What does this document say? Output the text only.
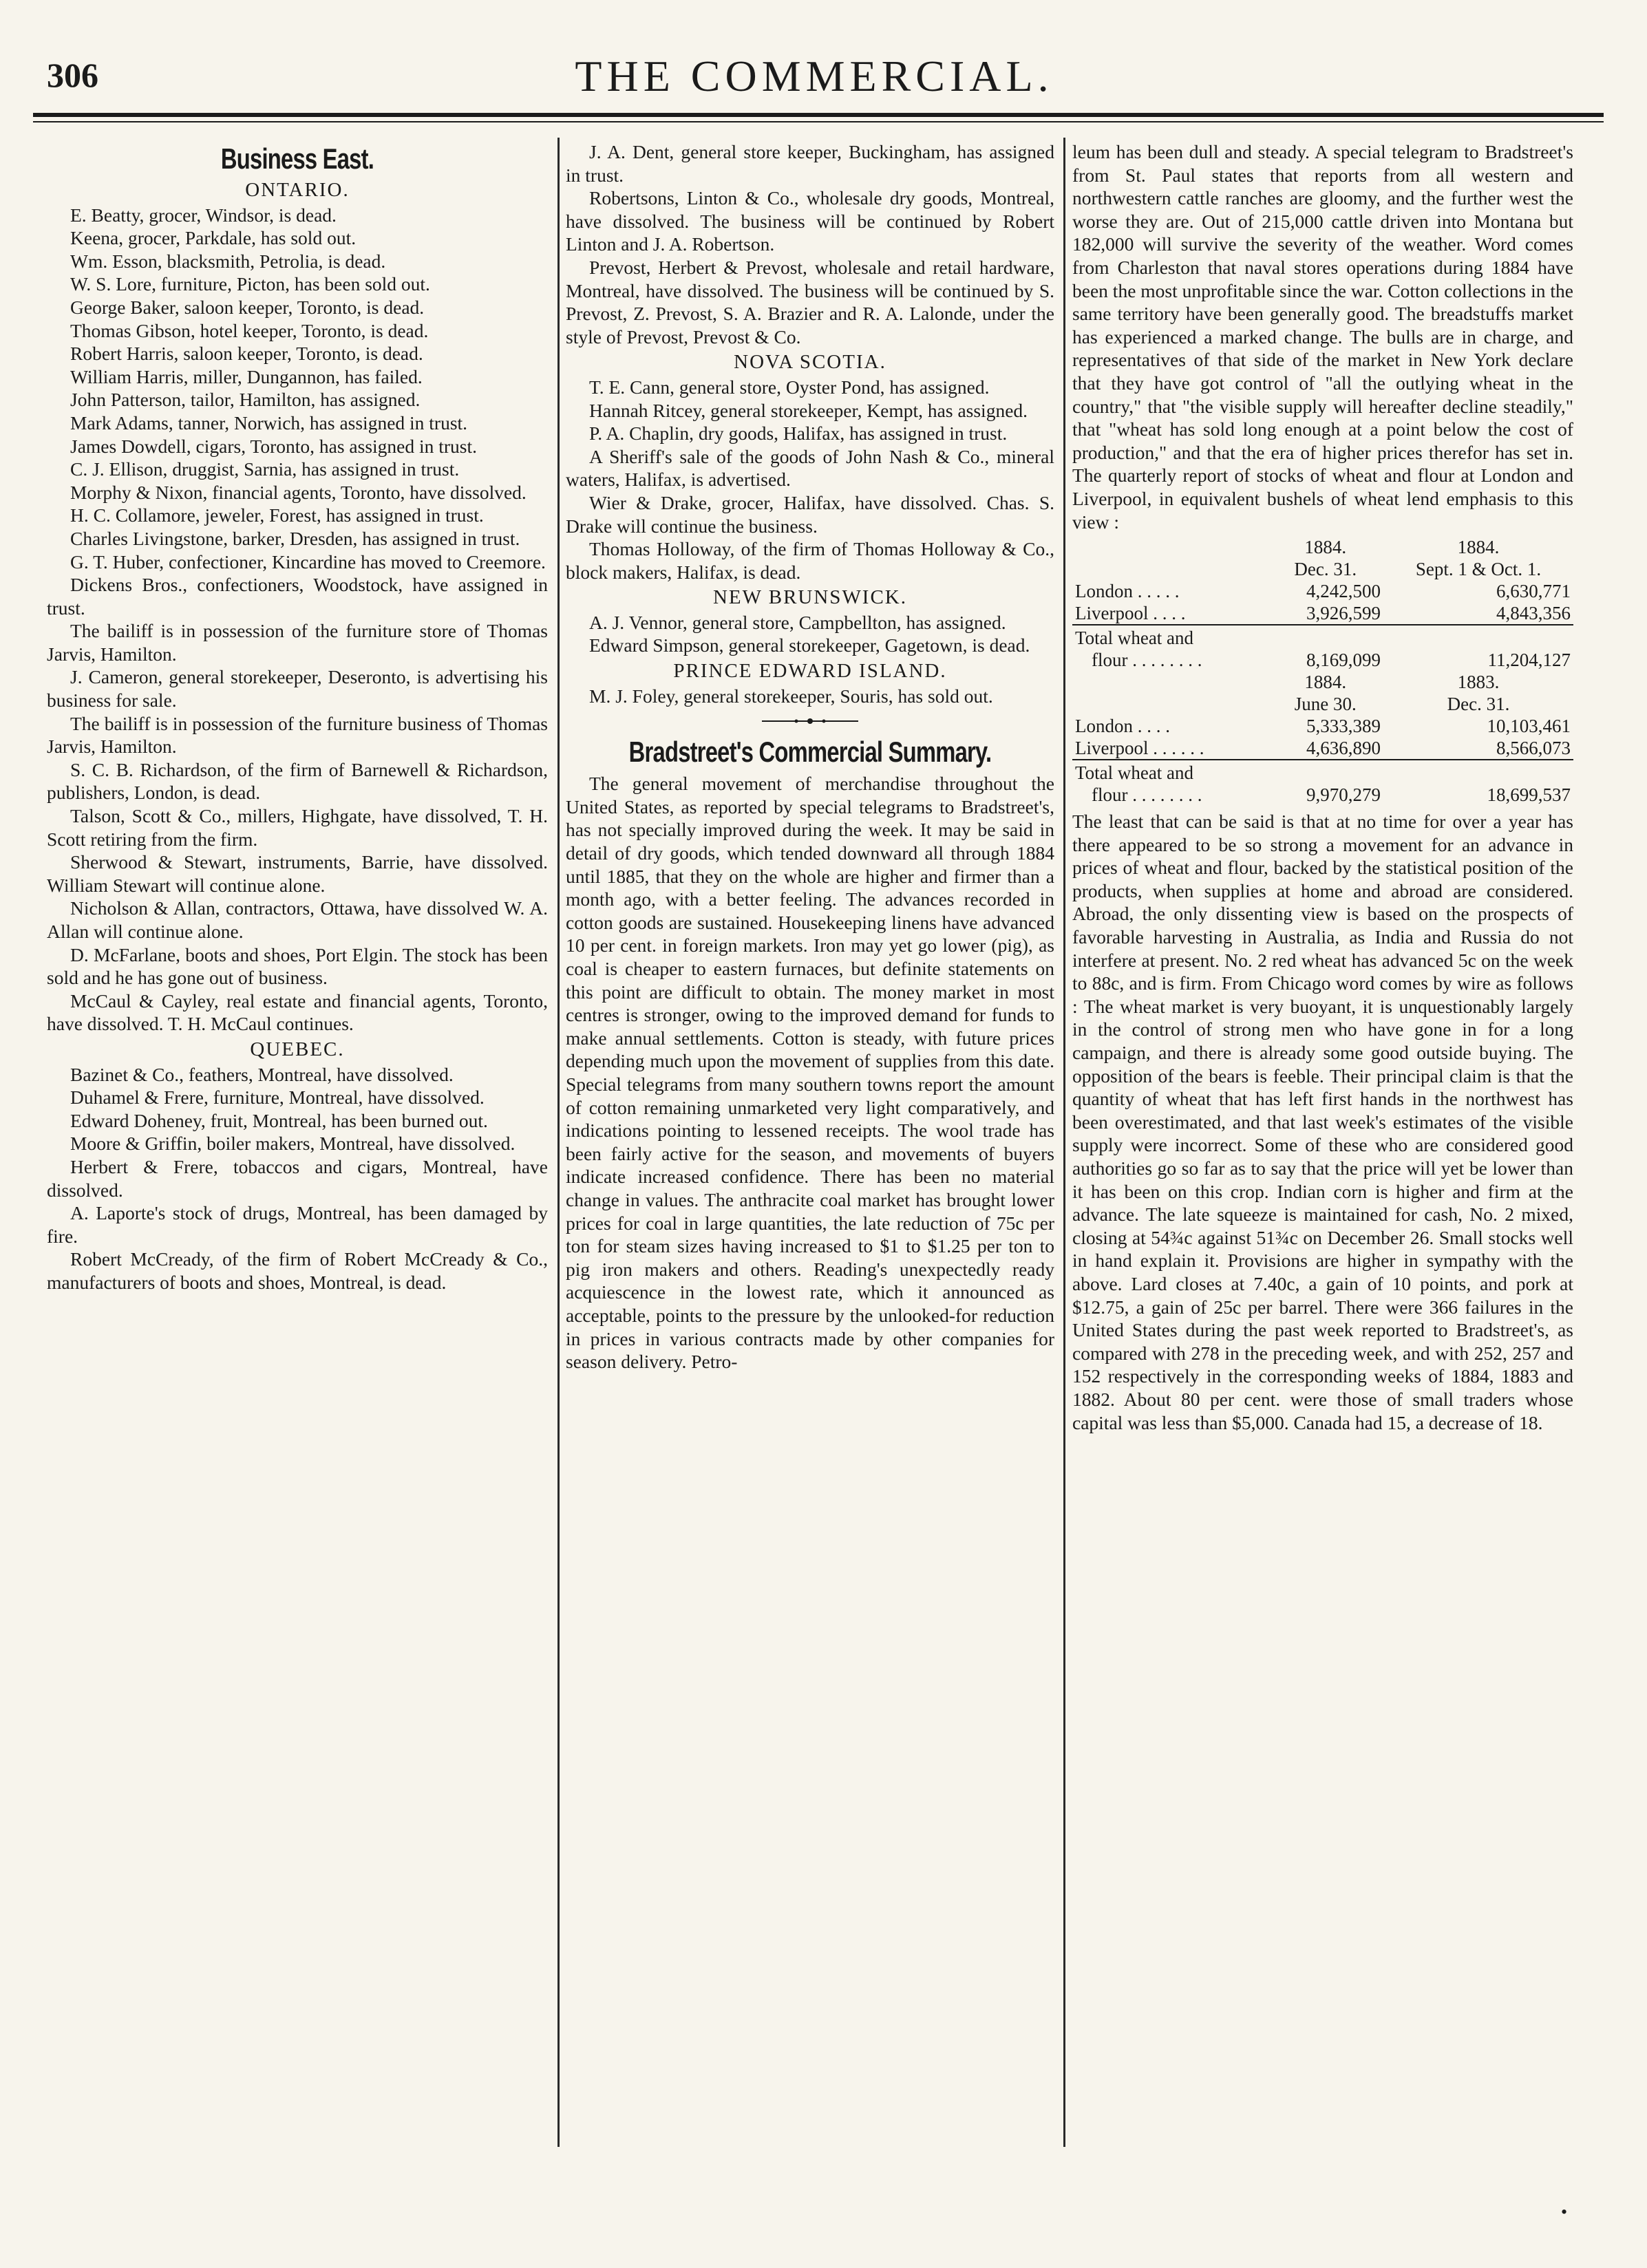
306	THE COMMERCIAL.
Business East.

ONTARIO.

E. Beatty, grocer, Windsor, is dead.

Keena, grocer, Parkdale, has sold out.

Wm. Esson, blacksmith, Petrolia, is dead.

W. S. Lore, furniture, Picton, has been sold out.

George Baker, saloon keeper, Toronto, is dead.

Thomas Gibson, hotel keeper, Toronto, is dead.

Robert Harris, saloon keeper, Toronto, is dead.

William Harris, miller, Dungannon, has failed.

John Patterson, tailor, Hamilton, has assigned.

Mark Adams, tanner, Norwich, has assigned in trust.

James Dowdell, cigars, Toronto, has assigned in trust.

C. J. Ellison, druggist, Sarnia, has assigned in trust.

Morphy & Nixon, financial agents, Toronto, have dissolved.

H. C. Collamore, jeweler, Forest, has assigned in trust.

Charles Livingstone, barker, Dresden, has assigned in trust.

G. T. Huber, confectioner, Kincardine has moved to Creemore.

Dickens Bros., confectioners, Woodstock, have assigned in trust.

The bailiff is in possession of the furniture store of Thomas Jarvis, Hamilton.

J. Cameron, general storekeeper, Deseronto, is advertising his business for sale.

The bailiff is in possession of the furniture business of Thomas Jarvis, Hamilton.

S. C. B. Richardson, of the firm of Barnewell & Richardson, publishers, London, is dead.

Talson, Scott & Co., millers, Highgate, have dissolved, T. H. Scott retiring from the firm.

Sherwood & Stewart, instruments, Barrie, have dissolved. William Stewart will continue alone.

Nicholson & Allan, contractors, Ottawa, have dissolved W. A. Allan will continue alone.

D. McFarlane, boots and shoes, Port Elgin. The stock has been sold and he has gone out of business.

McCaul & Cayley, real estate and financial agents, Toronto, have dissolved. T. H. McCaul continues.

QUEBEC.

Bazinet & Co., feathers, Montreal, have dissolved.

Duhamel & Frere, furniture, Montreal, have dissolved.

Edward Doheney, fruit, Montreal, has been burned out.

Moore & Griffin, boiler makers, Montreal, have dissolved.

Herbert & Frere, tobaccos and cigars, Montreal, have dissolved.

A. Laporte's stock of drugs, Montreal, has been damaged by fire.

Robert McCready, of the firm of Robert McCready & Co., manufacturers of boots and shoes, Montreal, is dead.

J. A. Dent, general store keeper, Buckingham, has assigned in trust.

Robertsons, Linton & Co., wholesale dry goods, Montreal, have dissolved. The business will be continued by Robert Linton and J. A. Robertson.

Prevost, Herbert & Prevost, wholesale and retail hardware, Montreal, have dissolved. The business will be continued by S. Prevost, Z. Prevost, S. A. Brazier and R. A. Lalonde, under the style of Prevost, Prevost & Co.

NOVA SCOTIA.

T. E. Cann, general store, Oyster Pond, has assigned.

Hannah Ritcey, general storekeeper, Kempt, has assigned.

P. A. Chaplin, dry goods, Halifax, has assigned in trust.

A Sheriff's sale of the goods of John Nash & Co., mineral waters, Halifax, is advertised.

Wier & Drake, grocer, Halifax, have dissolved. Chas. S. Drake will continue the business.

Thomas Holloway, of the firm of Thomas Holloway & Co., block makers, Halifax, is dead.

NEW BRUNSWICK.

A. J. Vennor, general store, Campbellton, has assigned.

Edward Simpson, general storekeeper, Gagetown, is dead.

PRINCE EDWARD ISLAND.

M. J. Foley, general storekeeper, Souris, has sold out.

Bradstreet's Commercial Summary.

The general movement of merchandise throughout the United States, as reported by special telegrams to Bradstreet's, has not specially improved during the week. It may be said in detail of dry goods, which tended downward all through 1884 until 1885, that they on the whole are higher and firmer than a month ago, with a better feeling. The advances recorded in cotton goods are sustained. Housekeeping linens have advanced 10 per cent. in foreign markets. Iron may yet go lower (pig), as coal is cheaper to eastern furnaces, but definite statements on this point are difficult to obtain. The money market in most centres is stronger, owing to the improved demand for funds to make annual settlements. Cotton is steady, with future prices depending much upon the movement of supplies from this date. Special telegrams from many southern towns report the amount of cotton remaining unmarketed very light comparatively, and indications pointing to lessened receipts. The wool trade has been fairly active for the season, and movements of buyers indicate increased confidence. There has been no material change in values. The anthracite coal market has brought lower prices for coal in large quantities, the late reduction of 75c per ton for steam sizes having increased to $1 to $1.25 per ton to pig iron makers and others. Reading's unexpectedly ready acquiescence in the lowest rate, which it announced as acceptable, points to the pressure by the unlooked-for reduction in prices in various contracts made by other companies for season delivery. Petro-

leum has been dull and steady. A special telegram to Bradstreet's from St. Paul states that reports from all western and northwestern cattle ranches are gloomy, and the further west the worse they are. Out of 215,000 cattle driven into Montana but 182,000 will survive the severity of the weather. Word comes from Charleston that naval stores operations during 1884 have been the most unprofitable since the war. Cotton collections in the same territory have been generally good. The breadstuffs market has experienced a marked change. The bulls are in charge, and representatives of that side of the market in New York declare that they have got control of "all the outlying wheat in the country," that "the visible supply will hereafter decline steadily," that "wheat has sold long enough at a point below the cost of production," and that the era of higher prices therefor has set in. The quarterly report of stocks of wheat and flour at London and Liverpool, in equivalent bushels of wheat lend emphasis to this view :

	1884.	1884.
	Dec. 31.	Sept. 1 & Oct. 1.
London . . . . .	4,242,500	6,630,771
Liverpool . . . .	3,926,599	4,843,356

Total wheat and		
flour . . . . . . . .	8,169,099	11,204,127
	1884.	1883.
	June 30.	Dec. 31.
London . . . .	5,333,389	10,103,461
Liverpool . . . . . .	4,636,890	8,566,073

Total wheat and		
flour . . . . . . . .	9,970,279	18,699,537

The least that can be said is that at no time for over a year has there appeared to be so strong a movement for an advance in prices of wheat and flour, backed by the statistical position of the products, when supplies at home and abroad are considered. Abroad, the only dissenting view is based on the prospects of favorable harvesting in Australia, as India and Russia do not interfere at present. No. 2 red wheat has advanced 5c on the week to 88c, and is firm. From Chicago word comes by wire as follows : The wheat market is very buoyant, it is unquestionably largely in the control of strong men who have gone in for a long campaign, and there is already some good outside buying. The opposition of the bears is feeble. Their principal claim is that the quantity of wheat that has left first hands in the northwest has been overestimated, and that last week's estimates of the visible supply were incorrect. Some of these who are considered good authorities go so far as to say that the price will yet be lower than it has been on this crop. Indian corn is higher and firm at the advance. The late squeeze is maintained for cash, No. 2 mixed, closing at 54¾c against 51¾c on December 26. Small stocks well in hand explain it. Provisions are higher in sympathy with the above. Lard closes at 7.40c, a gain of 10 points, and pork at $12.75, a gain of 25c per barrel. There were 366 failures in the United States during the past week reported to Bradstreet's, as compared with 278 in the preceding week, and with 252, 257 and 152 respectively in the corresponding weeks of 1884, 1883 and 1882. About 80 per cent. were those of small traders whose capital was less than $5,000. Canada had 15, a decrease of 18.

•
